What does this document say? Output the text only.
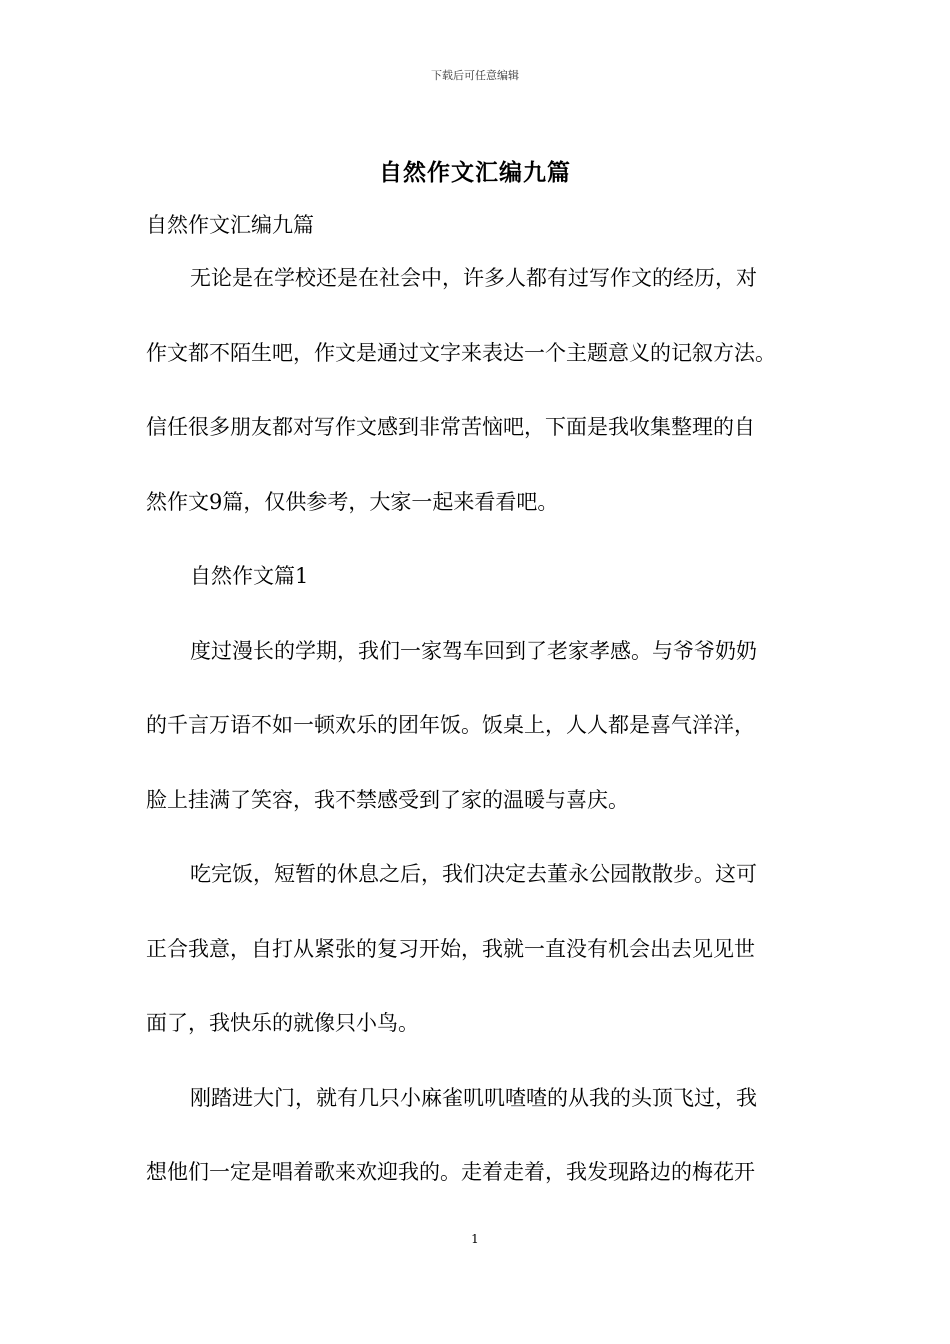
下载后可任意编辑
自然作文汇编九篇
自然作文汇编九篇
无论是在学校还是在社会中，许多人都有过写作文的经历，对
作文都不陌生吧，作文是通过文字来表达一个主题意义的记叙方法。
信任很多朋友都对写作文感到非常苦恼吧，下面是我收集整理的自
然作文9篇，仅供参考，大家一起来看看吧。
自然作文篇1
度过漫长的学期，我们一家驾车回到了老家孝感。与爷爷奶奶
的千言万语不如一顿欢乐的团年饭。饭桌上，人人都是喜气洋洋，
脸上挂满了笑容，我不禁感受到了家的温暖与喜庆。
吃完饭，短暂的休息之后，我们决定去董永公园散散步。这可
正合我意，自打从紧张的复习开始，我就一直没有机会出去见见世
面了，我快乐的就像只小鸟。
刚踏进大门，就有几只小麻雀叽叽喳喳的从我的头顶飞过，我
想他们一定是唱着歌来欢迎我的。走着走着，我发现路边的梅花开
1
